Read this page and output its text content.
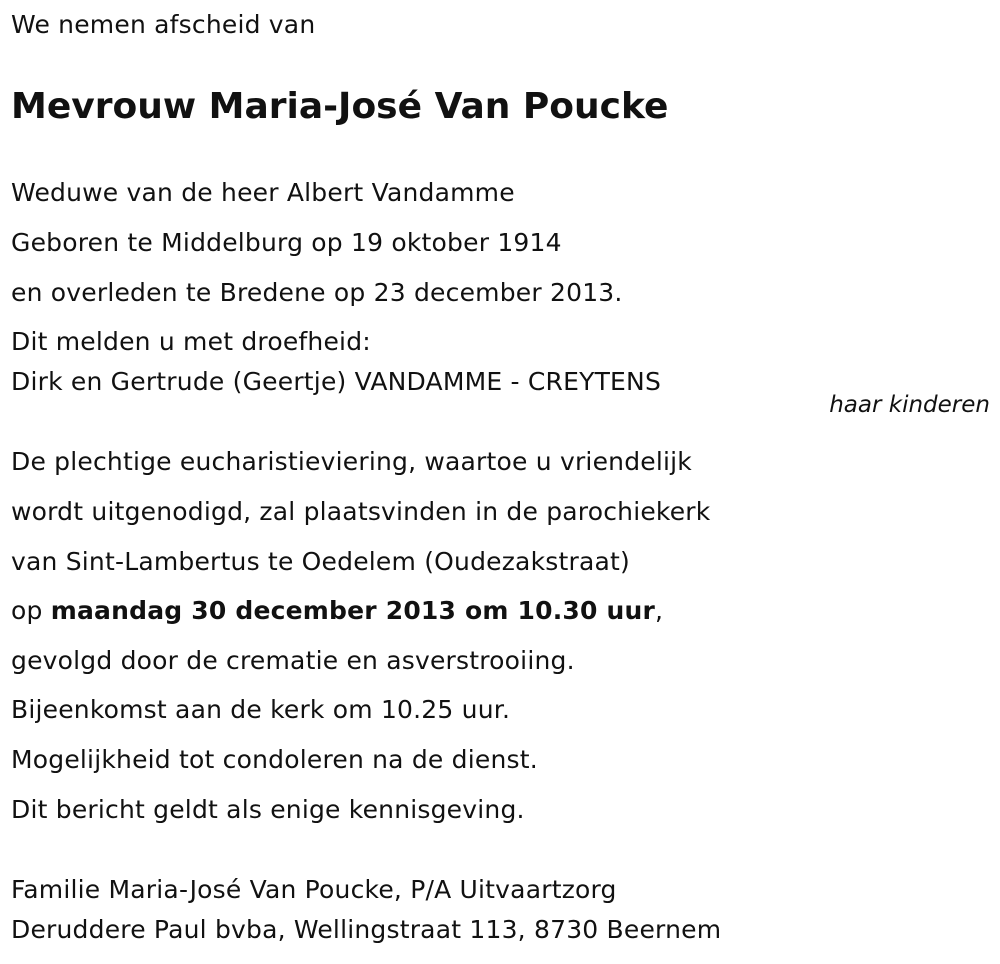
We nemen afscheid van

Mevrouw Maria-José Van Poucke

Weduwe van de heer Albert Vandamme

Geboren te Middelburg op 19 oktober 1914

en overleden te Bredene op 23 december 2013.

Dit melden u met droefheid:

Dirk en Gertrude (Geertje) VANDAMME - CREYTENS

haar kinderen

De plechtige eucharistieviering, waartoe u vriendelijk

wordt uitgenodigd, zal plaatsvinden in de parochiekerk

van Sint-Lambertus te Oedelem (Oudezakstraat)

op maandag 30 december 2013 om 10.30 uur,

gevolgd door de crematie en asverstrooiing.

Bijeenkomst aan de kerk om 10.25 uur.

Mogelijkheid tot condoleren na de dienst.

Dit bericht geldt als enige kennisgeving.

Familie Maria-José Van Poucke, P/A Uitvaartzorg

Deruddere Paul bvba, Wellingstraat 113, 8730 Beernem
